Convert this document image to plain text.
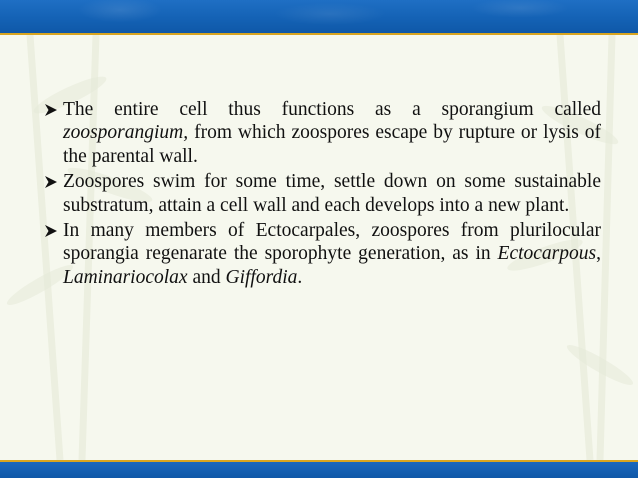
The entire cell thus functions as a sporangium called zoosporangium, from which zoospores escape by rupture or lysis of the parental wall.
Zoospores swim for some time, settle down on some sustainable substratum, attain a cell wall and each develops into a new plant.
In many members of Ectocarpales, zoospores from plurilocular sporangia regenarate the sporophyte generation, as in Ectocarpous, Laminariocolax and Giffordia.
